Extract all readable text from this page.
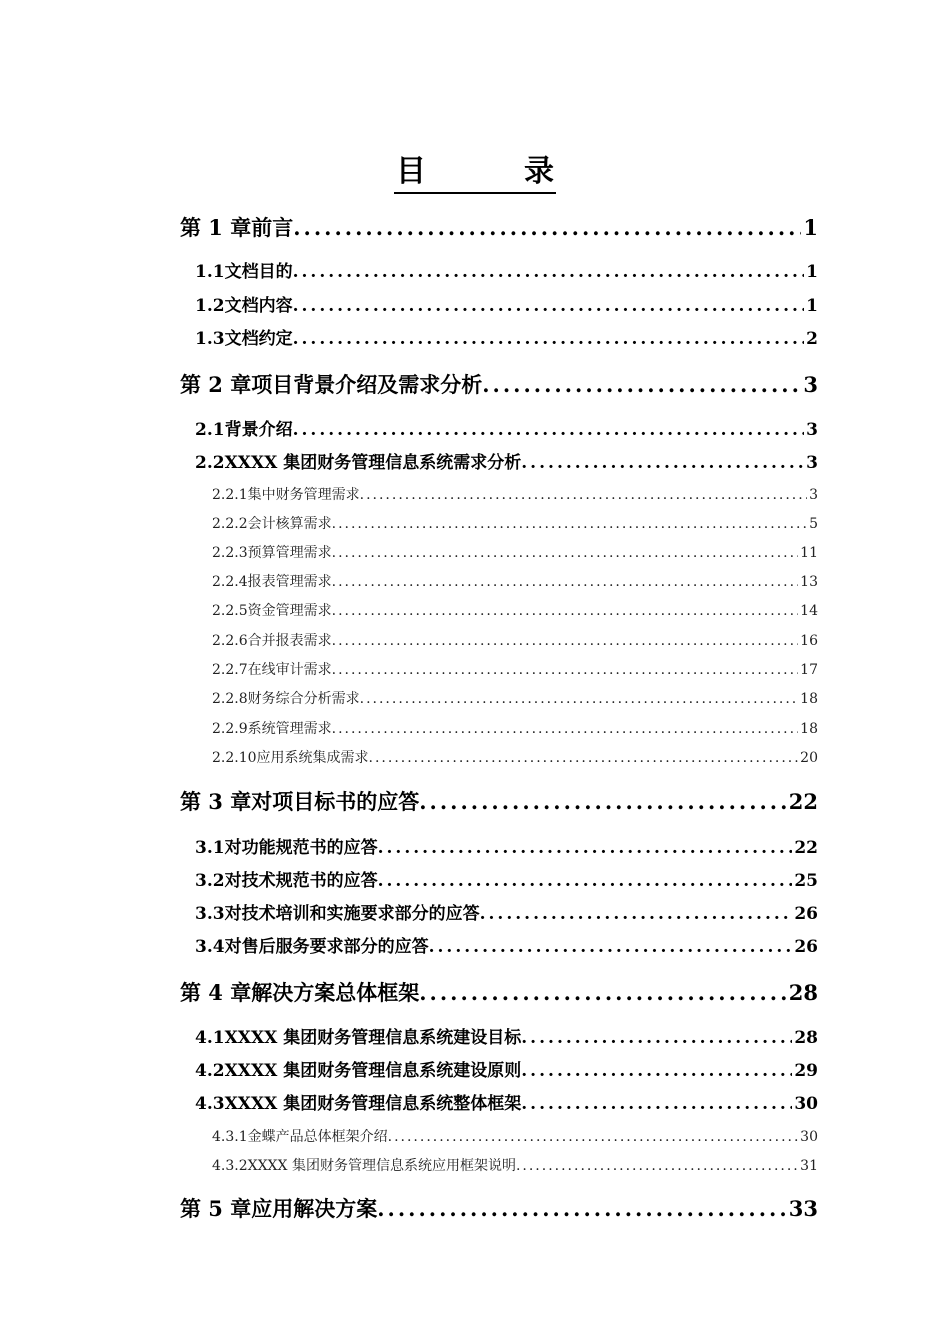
目	录
第 1 章 前言 .....	1
1.1 文档目的 .....	1
1.2 文档内容 .....	1
1.3 文档约定 .....	2
第 2 章 项目背景介绍及需求分析 .....	3
2.1 背景介绍 .....	3
2.2 XXXX 集团财务管理信息系统需求分析 .....	3
2.2.1 集中财务管理需求 .....	3
2.2.2 会计核算需求 .....	5
2.2.3 预算管理需求 .....	11
2.2.4 报表管理需求 .....	13
2.2.5 资金管理需求 .....	14
2.2.6 合并报表需求 .....	16
2.2.7 在线审计需求 .....	17
2.2.8 财务综合分析需求 .....	18
2.2.9 系统管理需求 .....	18
2.2.10 应用系统集成需求 .....	20
第 3 章 对项目标书的应答 .....	22
3.1 对功能规范书的应答 .....	22
3.2 对技术规范书的应答 .....	25
3.3 对技术培训和实施要求部分的应答 .....	26
3.4 对售后服务要求部分的应答 .....	26
第 4 章 解决方案总体框架 .....	28
4.1 XXXX 集团财务管理信息系统建设目标 .....	28
4.2 XXXX 集团财务管理信息系统建设原则 .....	29
4.3 XXXX 集团财务管理信息系统整体框架 .....	30
4.3.1 金蝶产品总体框架介绍 .....	30
4.3.2 XXXX 集团财务管理信息系统应用框架说明 .....	31
第 5 章 应用解决方案 .....	33
